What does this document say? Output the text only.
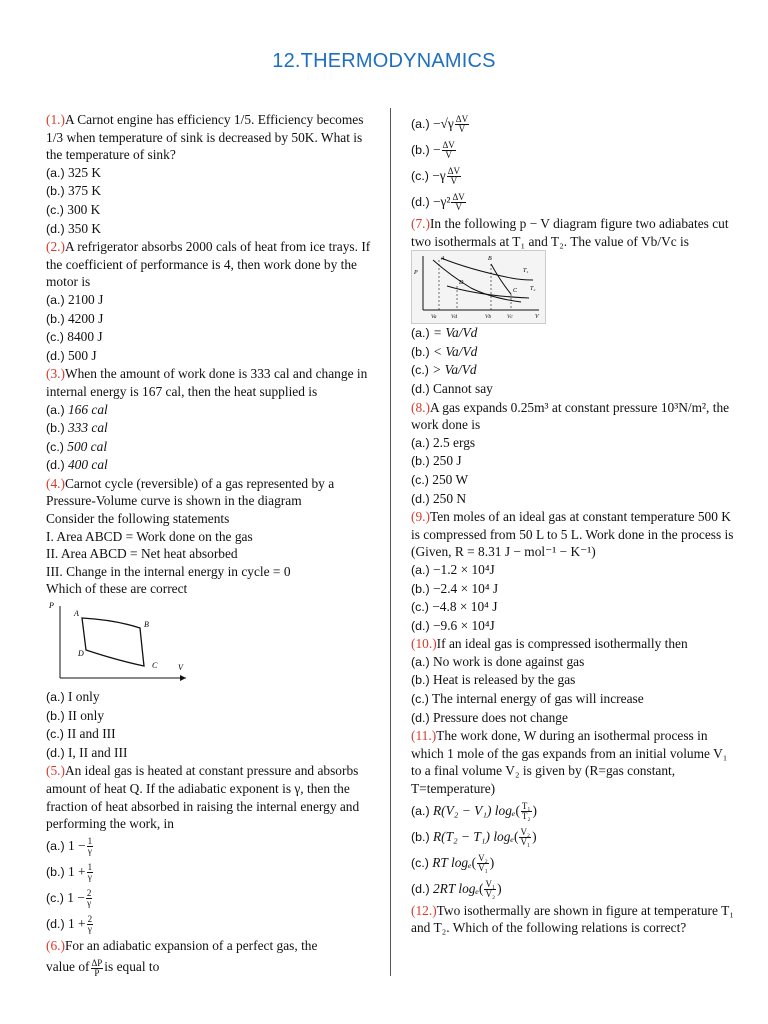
12.THERMODYNAMICS

(1.)A Carnot engine has efficiency 1/5. Efficiency becomes 1/3 when temperature of sink is decreased by 50K. What is the temperature of sink?

(a.) 325 K

(b.) 375 K

(c.) 300 K

(d.) 350 K

(2.)A refrigerator absorbs 2000 cals of heat from ice trays. If the coefficient of performance is 4, then work done by the motor is

(a.) 2100 J

(b.) 4200 J

(c.) 8400 J

(d.) 500 J

(3.)When the amount of work done is 333 cal and change in internal energy is 167 cal, then the heat supplied is

(a.) 166 cal

(b.) 333 cal

(c.) 500 cal

(d.) 400 cal

(4.)Carnot cycle (reversible) of a gas represented by a Pressure-Volume curve is shown in the diagram

Consider the following statements

I. Area ABCD = Work done on the gas

II. Area ABCD = Net heat absorbed

III. Change in the internal energy in cycle = 0

Which of these are correct

P
V
A
B
C
D

(a.) I only

(b.) II only

(c.) II and III

(d.) I, II and III

(5.)An ideal gas is heated at constant pressure and absorbs amount of heat Q. If the adiabatic exponent is γ, then the fraction of heat absorbed in raising the internal energy and performing the work, in

(a.) $1 - \frac{1}{\gamma}$

(b.) $1 + \frac{1}{\gamma}$

(c.) $1 - \frac{2}{\gamma}$

(d.) $1 + \frac{2}{\gamma}$

(6.)For an adiabatic expansion of a perfect gas, the

value of $\frac{\Delta P}{P}$ is equal to

$(a.) -√\gamma \frac{\Delta V}{V}$

$(b.) - \frac{\Delta V}{V}$

$(c.) -\gamma \frac{\Delta V}{V}$

$(d.) -\gamma^2 \frac{\Delta V}{V}$

(7.)In the following p − V diagram figure two adiabates cut two isothermals at T₁ and T₂. The value of Vb/Vc is

P
A	B
C
D
T₁
T₂
Va	Vd	Vb	Vc	V

(a.) = Va/Vd

(b.) < Va/Vd

(c.) > Va/Vd

(d.) Cannot say

(8.)A gas expands 0.25m³ at constant pressure 10³N/m², the work done is

(a.) 2.5 ergs

(b.) 250 J

(c.) 250 W

(d.) 250 N

(9.)Ten moles of an ideal gas at constant temperature 500 K is compressed from 50 L to 5 L. Work done in the process is (Given, R = 8.31 J − mol⁻¹ − K⁻¹)

(a.) −1.2 × 10⁴J

(b.) −2.4 × 10⁴ J

(c.) −4.8 × 10⁴ J

(d.) −9.6 × 10⁴J

(10.)If an ideal gas is compressed isothermally then

(a.) No work is done against gas

(b.) Heat is released by the gas

(c.) The internal energy of gas will increase

(d.) Pressure does not change

(11.)The work done, W during an isothermal process in which 1 mole of the gas expands from an initial volume V₁ to a final volume V₂ is given by (R=gas constant, T=temperature)

(a.) R(V₂ − V₁) $\log_e( \frac{\text{T₁}}{\text{T₂}}$ )

(b.) R(T₂ − T₁) $\log_e( \frac{\text{V₂}}{\text{V₁}}$ )

(c.) RT $\log_e( \frac{\text{V₂}}{\text{V₁}}$ )

(d.) 2RT $\log_e( \frac{\text{V₁}}{\text{V₂}}$ )

(12.)Two isothermally are shown in figure at temperature T₁ and T₂. Which of the following relations is correct?
